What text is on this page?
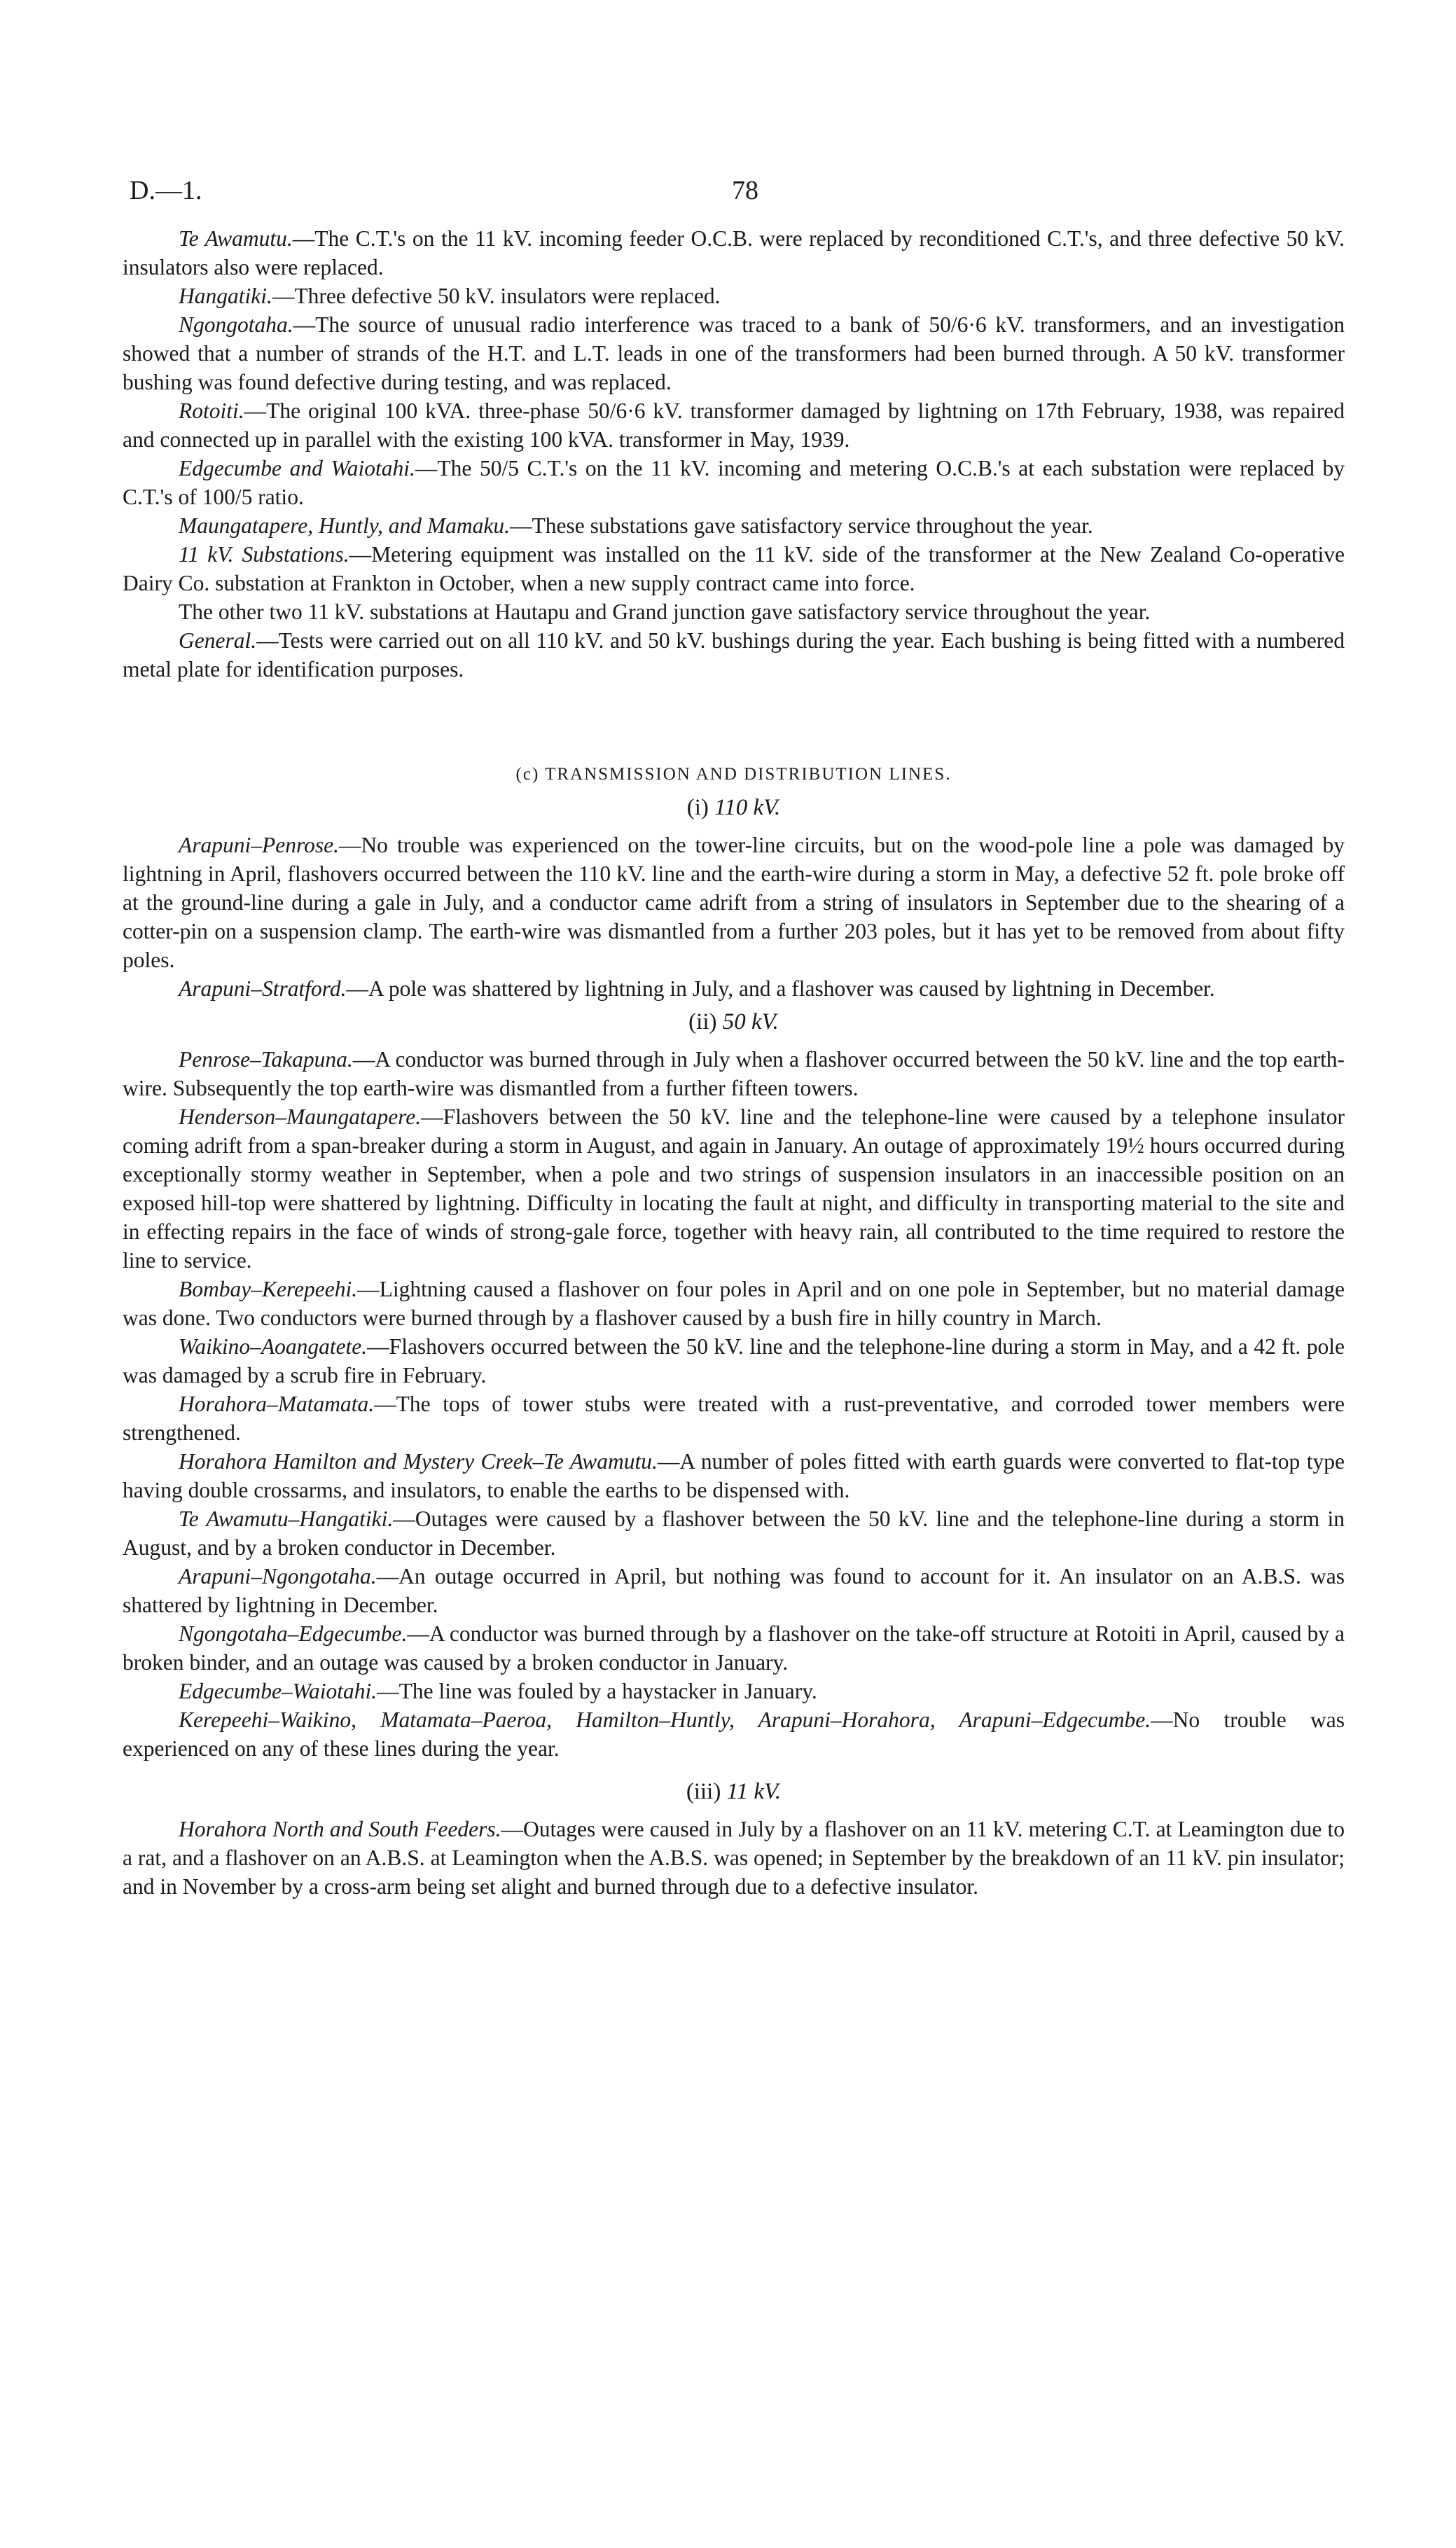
D.—1.	78

Te Awamutu.—The C.T.'s on the 11 kV. incoming feeder O.C.B. were replaced by reconditioned C.T.'s, and three defective 50 kV. insulators also were replaced.

Hangatiki.—Three defective 50 kV. insulators were replaced.

Ngongotaha.—The source of unusual radio interference was traced to a bank of 50/6·6 kV. transformers, and an investigation showed that a number of strands of the H.T. and L.T. leads in one of the transformers had been burned through. A 50 kV. transformer bushing was found defective during testing, and was replaced.

Rotoiti.—The original 100 kVA. three-phase 50/6·6 kV. transformer damaged by lightning on 17th February, 1938, was repaired and connected up in parallel with the existing 100 kVA. transformer in May, 1939.

Edgecumbe and Waiotahi.—The 50/5 C.T.'s on the 11 kV. incoming and metering O.C.B.'s at each substation were replaced by C.T.'s of 100/5 ratio.

Maungatapere, Huntly, and Mamaku.—These substations gave satisfactory service throughout the year.

11 kV. Substations.—Metering equipment was installed on the 11 kV. side of the transformer at the New Zealand Co-operative Dairy Co. substation at Frankton in October, when a new supply contract came into force.

The other two 11 kV. substations at Hautapu and Grand junction gave satisfactory service throughout the year.

General.—Tests were carried out on all 110 kV. and 50 kV. bushings during the year. Each bushing is being fitted with a numbered metal plate for identification purposes.

(c) TRANSMISSION AND DISTRIBUTION LINES.
(i) 110 kV.

Arapuni–Penrose.—No trouble was experienced on the tower-line circuits, but on the wood-pole line a pole was damaged by lightning in April, flashovers occurred between the 110 kV. line and the earth-wire during a storm in May, a defective 52 ft. pole broke off at the ground-line during a gale in July, and a conductor came adrift from a string of insulators in September due to the shearing of a cotter-pin on a suspension clamp. The earth-wire was dismantled from a further 203 poles, but it has yet to be removed from about fifty poles.

Arapuni–Stratford.—A pole was shattered by lightning in July, and a flashover was caused by lightning in December.

(ii) 50 kV.

Penrose–Takapuna.—A conductor was burned through in July when a flashover occurred between the 50 kV. line and the top earth-wire. Subsequently the top earth-wire was dismantled from a further fifteen towers.

Henderson–Maungatapere.—Flashovers between the 50 kV. line and the telephone-line were caused by a telephone insulator coming adrift from a span-breaker during a storm in August, and again in January. An outage of approximately 19½ hours occurred during exceptionally stormy weather in September, when a pole and two strings of suspension insulators in an inaccessible position on an exposed hill-top were shattered by lightning. Difficulty in locating the fault at night, and difficulty in transporting material to the site and in effecting repairs in the face of winds of strong-gale force, together with heavy rain, all contributed to the time required to restore the line to service.

Bombay–Kerepeehi.—Lightning caused a flashover on four poles in April and on one pole in September, but no material damage was done. Two conductors were burned through by a flashover caused by a bush fire in hilly country in March.

Waikino–Aoangatete.—Flashovers occurred between the 50 kV. line and the telephone-line during a storm in May, and a 42 ft. pole was damaged by a scrub fire in February.

Horahora–Matamata.—The tops of tower stubs were treated with a rust-preventative, and corroded tower members were strengthened.

Horahora Hamilton and Mystery Creek–Te Awamutu.—A number of poles fitted with earth guards were converted to flat-top type having double crossarms, and insulators, to enable the earths to be dispensed with.

Te Awamutu–Hangatiki.—Outages were caused by a flashover between the 50 kV. line and the telephone-line during a storm in August, and by a broken conductor in December.

Arapuni–Ngongotaha.—An outage occurred in April, but nothing was found to account for it. An insulator on an A.B.S. was shattered by lightning in December.

Ngongotaha–Edgecumbe.—A conductor was burned through by a flashover on the take-off structure at Rotoiti in April, caused by a broken binder, and an outage was caused by a broken conductor in January.

Edgecumbe–Waiotahi.—The line was fouled by a haystacker in January.

Kerepeehi–Waikino, Matamata–Paeroa, Hamilton–Huntly, Arapuni–Horahora, Arapuni–Edgecumbe.—No trouble was experienced on any of these lines during the year.

(iii) 11 kV.

Horahora North and South Feeders.—Outages were caused in July by a flashover on an 11 kV. metering C.T. at Leamington due to a rat, and a flashover on an A.B.S. at Leamington when the A.B.S. was opened; in September by the breakdown of an 11 kV. pin insulator; and in November by a cross-arm being set alight and burned through due to a defective insulator.
